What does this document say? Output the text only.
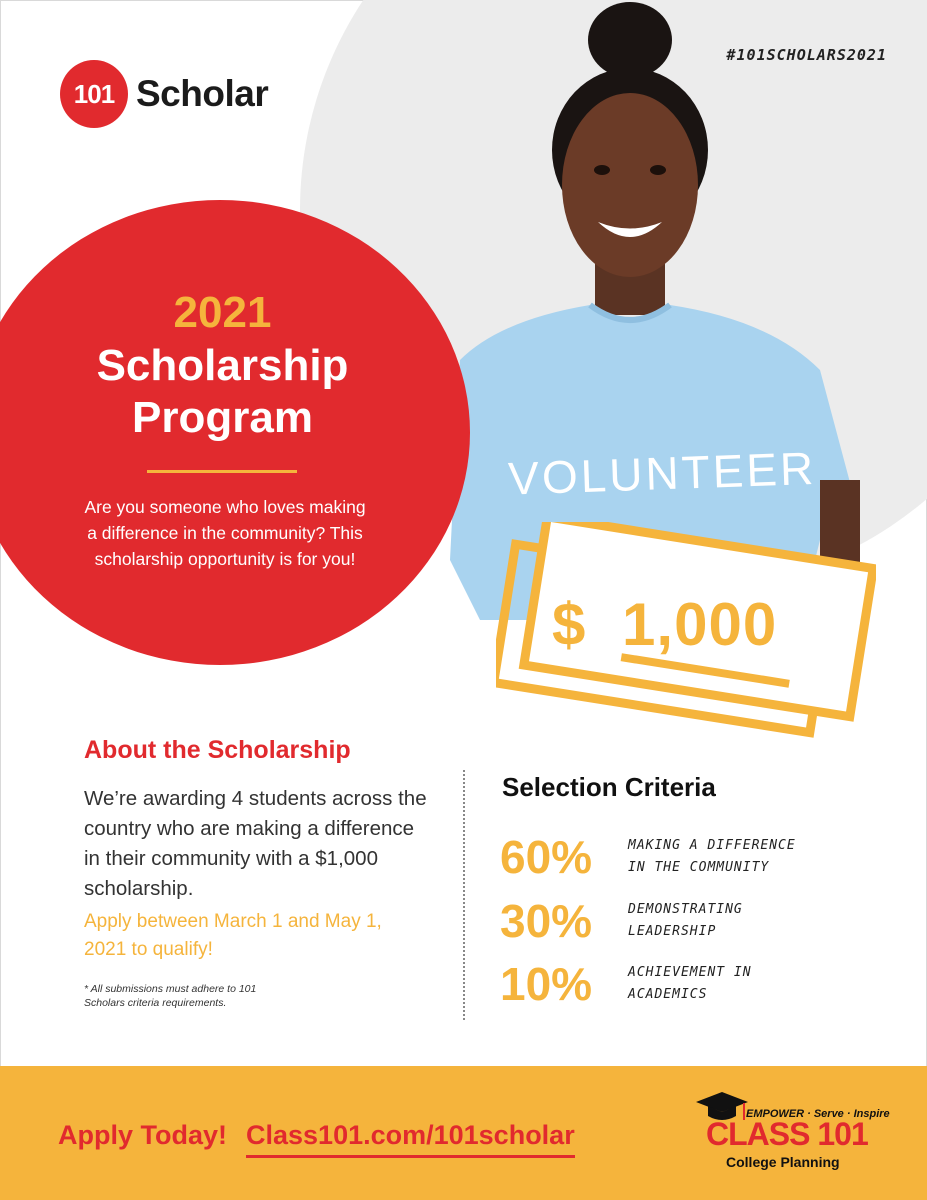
VOLUNTEER
101 Scholar
#101SCHOLARS2021
2021
Scholarship
Program
Are you someone who loves making a difference in the community? This scholarship opportunity is for you!
$ 1,000
About the Scholarship
We’re awarding 4 students across the country who are making a difference in their community with a $1,000 scholarship.
Apply between March 1 and May 1, 2021 to qualify!
* All submissions must adhere to 101 Scholars criteria requirements.
Selection Criteria
60%	MAKING A DIFFERENCE IN THE COMMUNITY
30%	DEMONSTRATING LEADERSHIP
10%	ACHIEVEMENT IN ACADEMICS
Apply Today! Class101.com/101scholar
EMPOWER · Serve · Inspire
CLASS 101
College Planning
